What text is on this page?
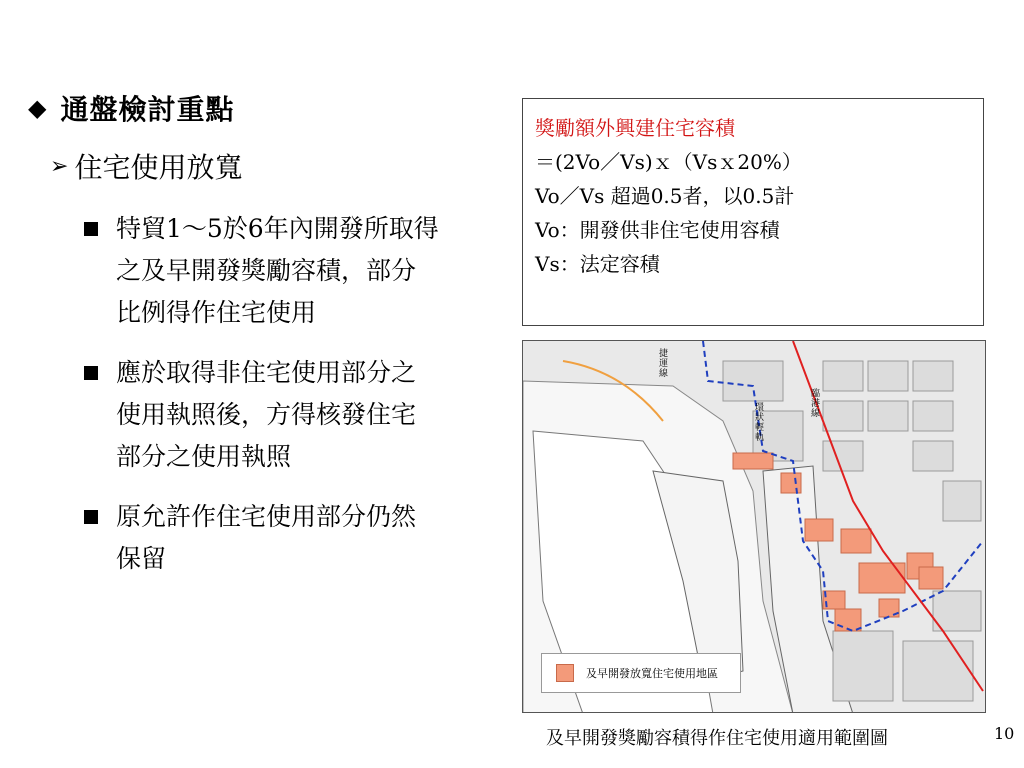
◆ 通盤檢討重點
➢ 住宅使用放寬
特貿1～5於6年內開發所取得
之及早開發獎勵容積，部分
比例得作住宅使用
應於取得非住宅使用部分之
使用執照後，方得核發住宅
部分之使用執照
原允許作住宅使用部分仍然
保留
獎勵額外興建住宅容積
＝(2Vo／Vs)ｘ（Vsｘ20%）
Vo／Vs 超過0.5者，以0.5計
Vo：開發供非住宅使用容積
Vs：法定容積
及早開發放寬住宅使用地區
捷運線
環狀輕軌
臨港線
及早開發獎勵容積得作住宅使用適用範圍圖	10
